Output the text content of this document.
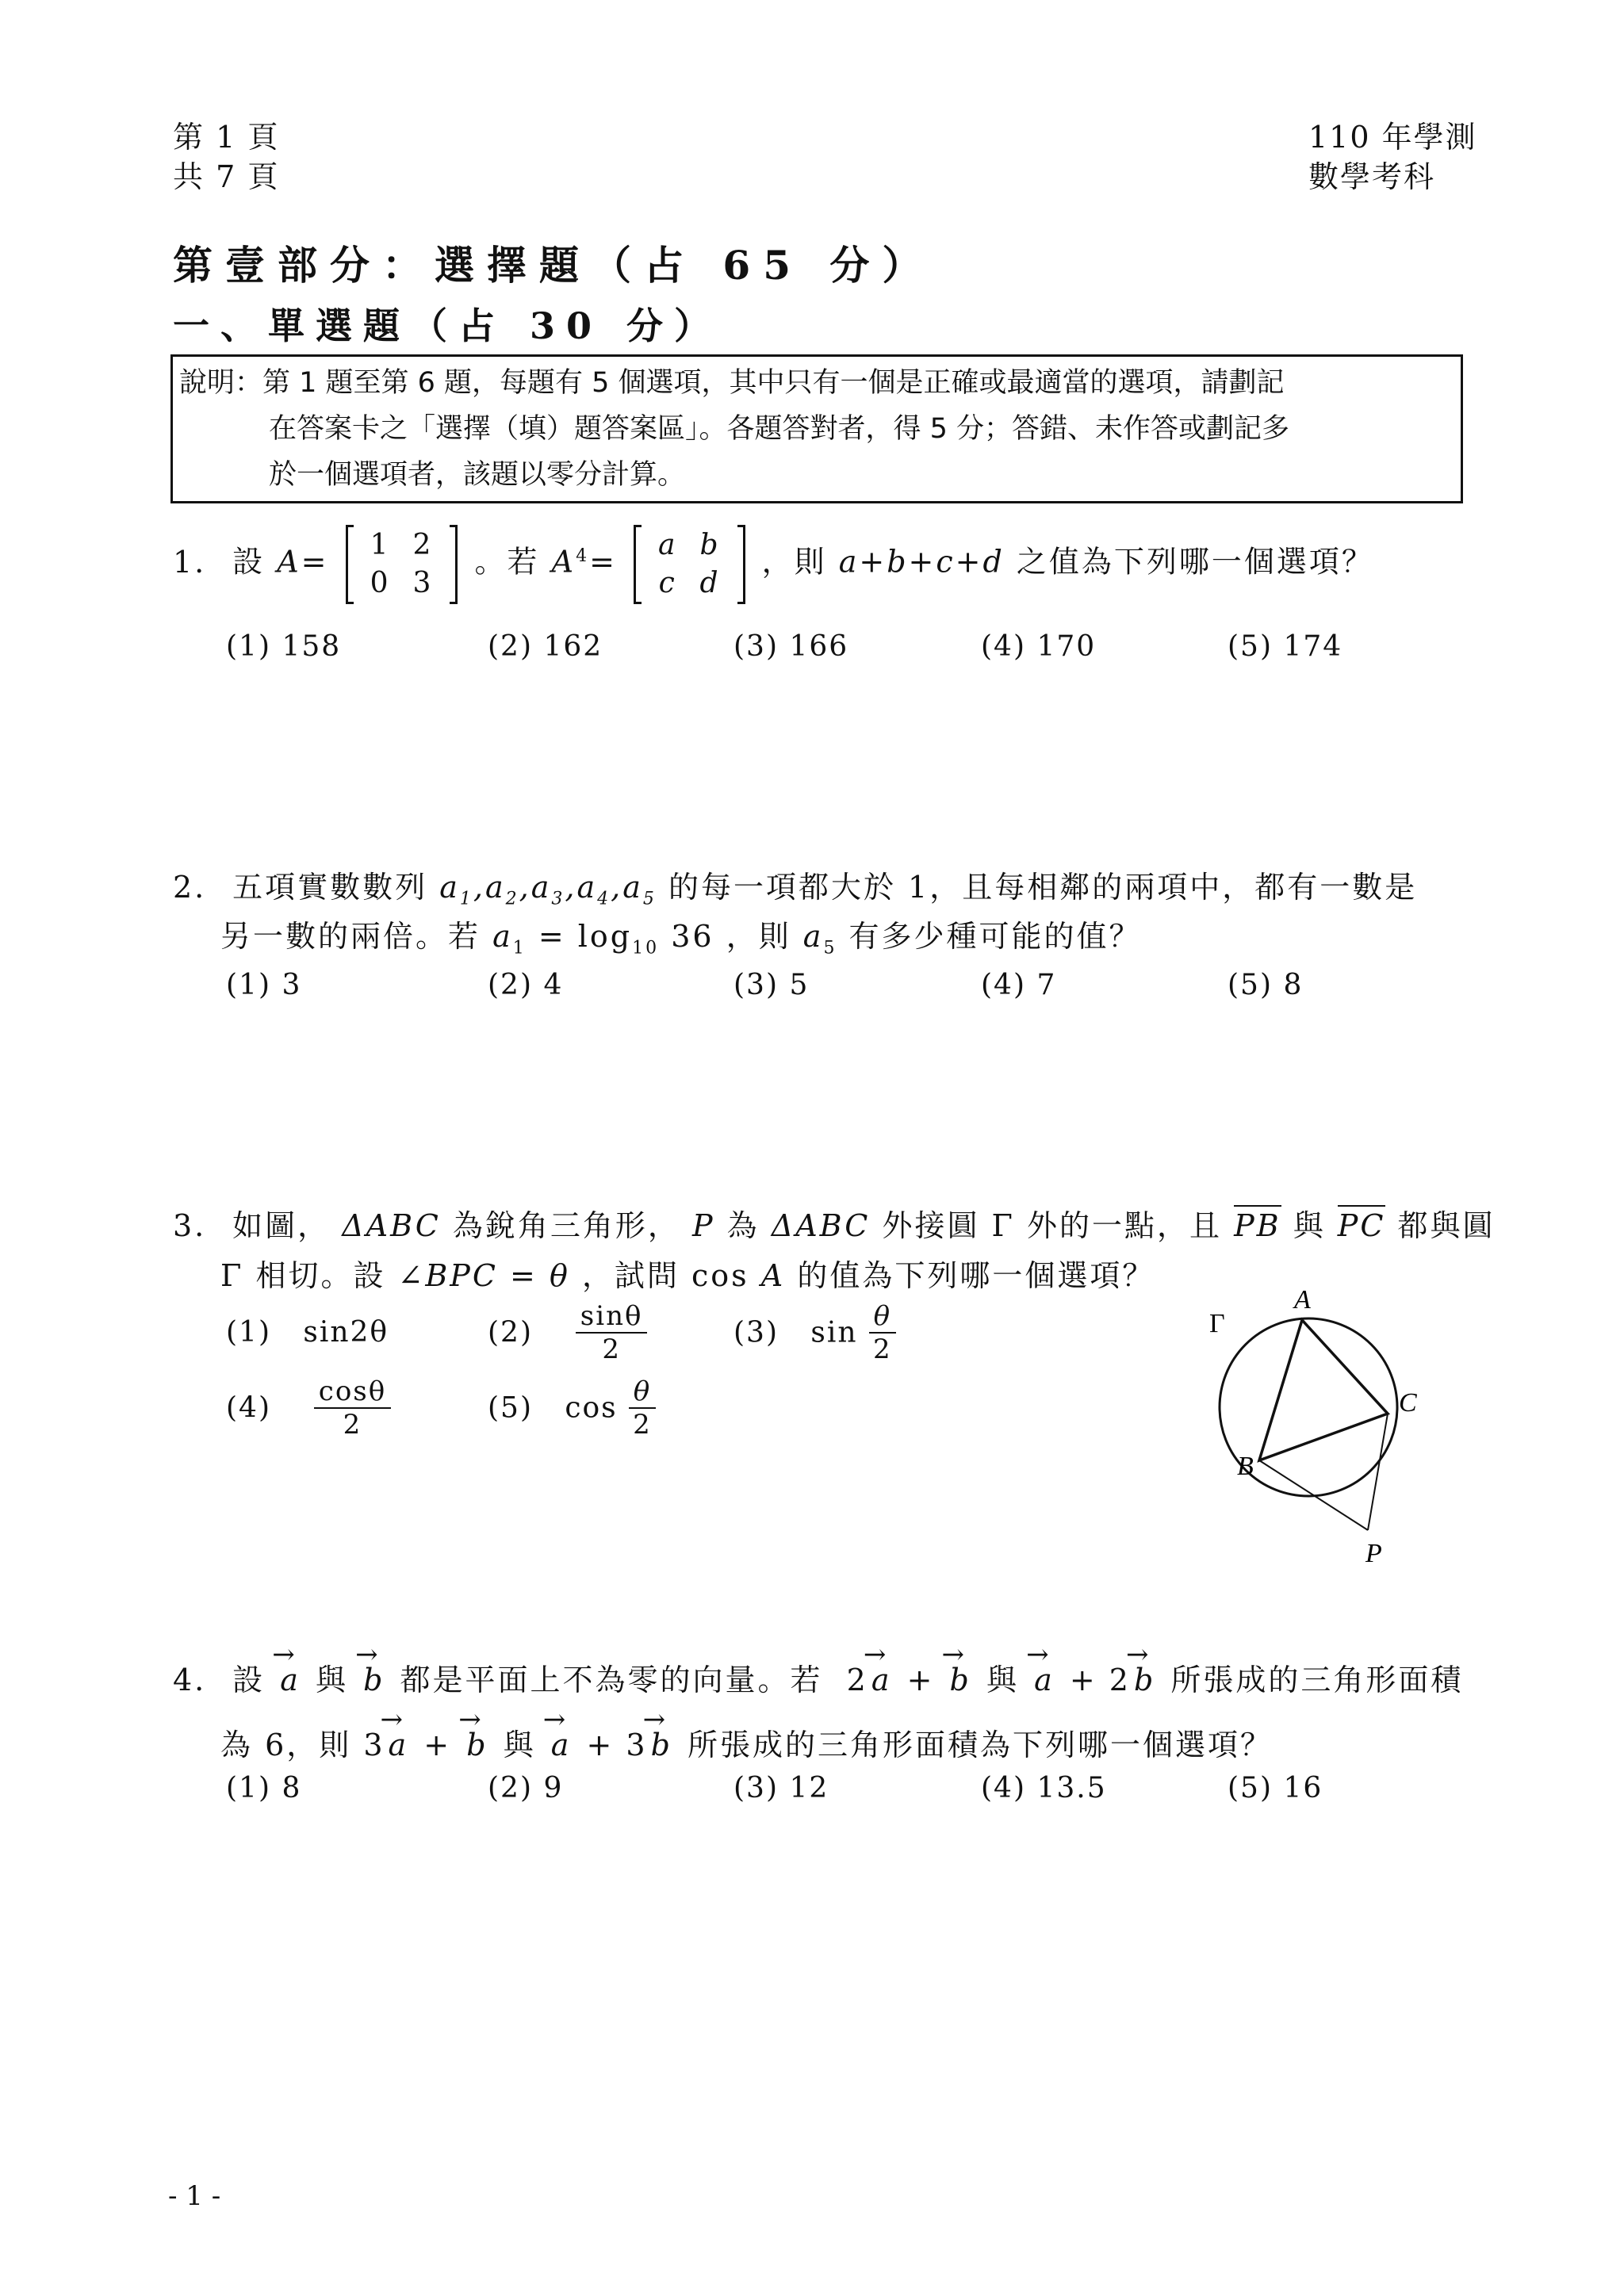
第 1 頁
共 7 頁
110 年學測
數學考科
第壹部分：選擇題（占 65 分）
一、單選題（占 30 分）
說明：第 1 題至第 6 題，每題有 5 個選項，其中只有一個是正確或最適當的選項，請劃記
在答案卡之「選擇（填）題答案區」。各題答對者，得 5 分；答錯、未作答或劃記多
於一個選項者，該題以零分計算。
1. 設 A= 1	2
0	3
。若 $A^4= a$	b
c	d
，則 a+b+c+d 之值為下列哪一個選項？
(1) 158	(2) 162	(3) 166	(4) 170	(5) 174
2. 五項實數數列 $a_1,a_2,a_3,a_4,a_5$ 的每一項都大於 1，且每相鄰的兩項中，都有一數是
另一數的兩倍。若 $a_1 = \log_{10} 36$ ，則 $a_5$ 有多少種可能的值？
(1) 3	(2) 4	(3) 5	(4) 7	(5) 8
3. 如圖， ΔABC 為銳角三角形， P 為 ΔABC 外接圓 Γ 外的一點，且 PB 與 PC 都與圓
Γ 相切。設 ∠BPC = θ ，試問 cos A 的值為下列哪一個選項？
(1) sin2θ	$(2) \frac{\sin\theta}{2}$	(3) $\sin \frac{\theta}{2}$
$(4) \frac{\cos\theta}{2}$	(5) $\cos \frac{\theta}{2}$
A
B
C
P
Γ
4. 設 → a 與 → b 都是平面上不為零的向量。若 2 → a + → b 與 → a + 2 → b 所張成的三角形面積
為 6，則 3 → a + → b 與 → a + 3 → b 所張成的三角形面積為下列哪一個選項？
(1) 8	(2) 9	(3) 12	(4) 13.5	(5) 16
- 1 -
